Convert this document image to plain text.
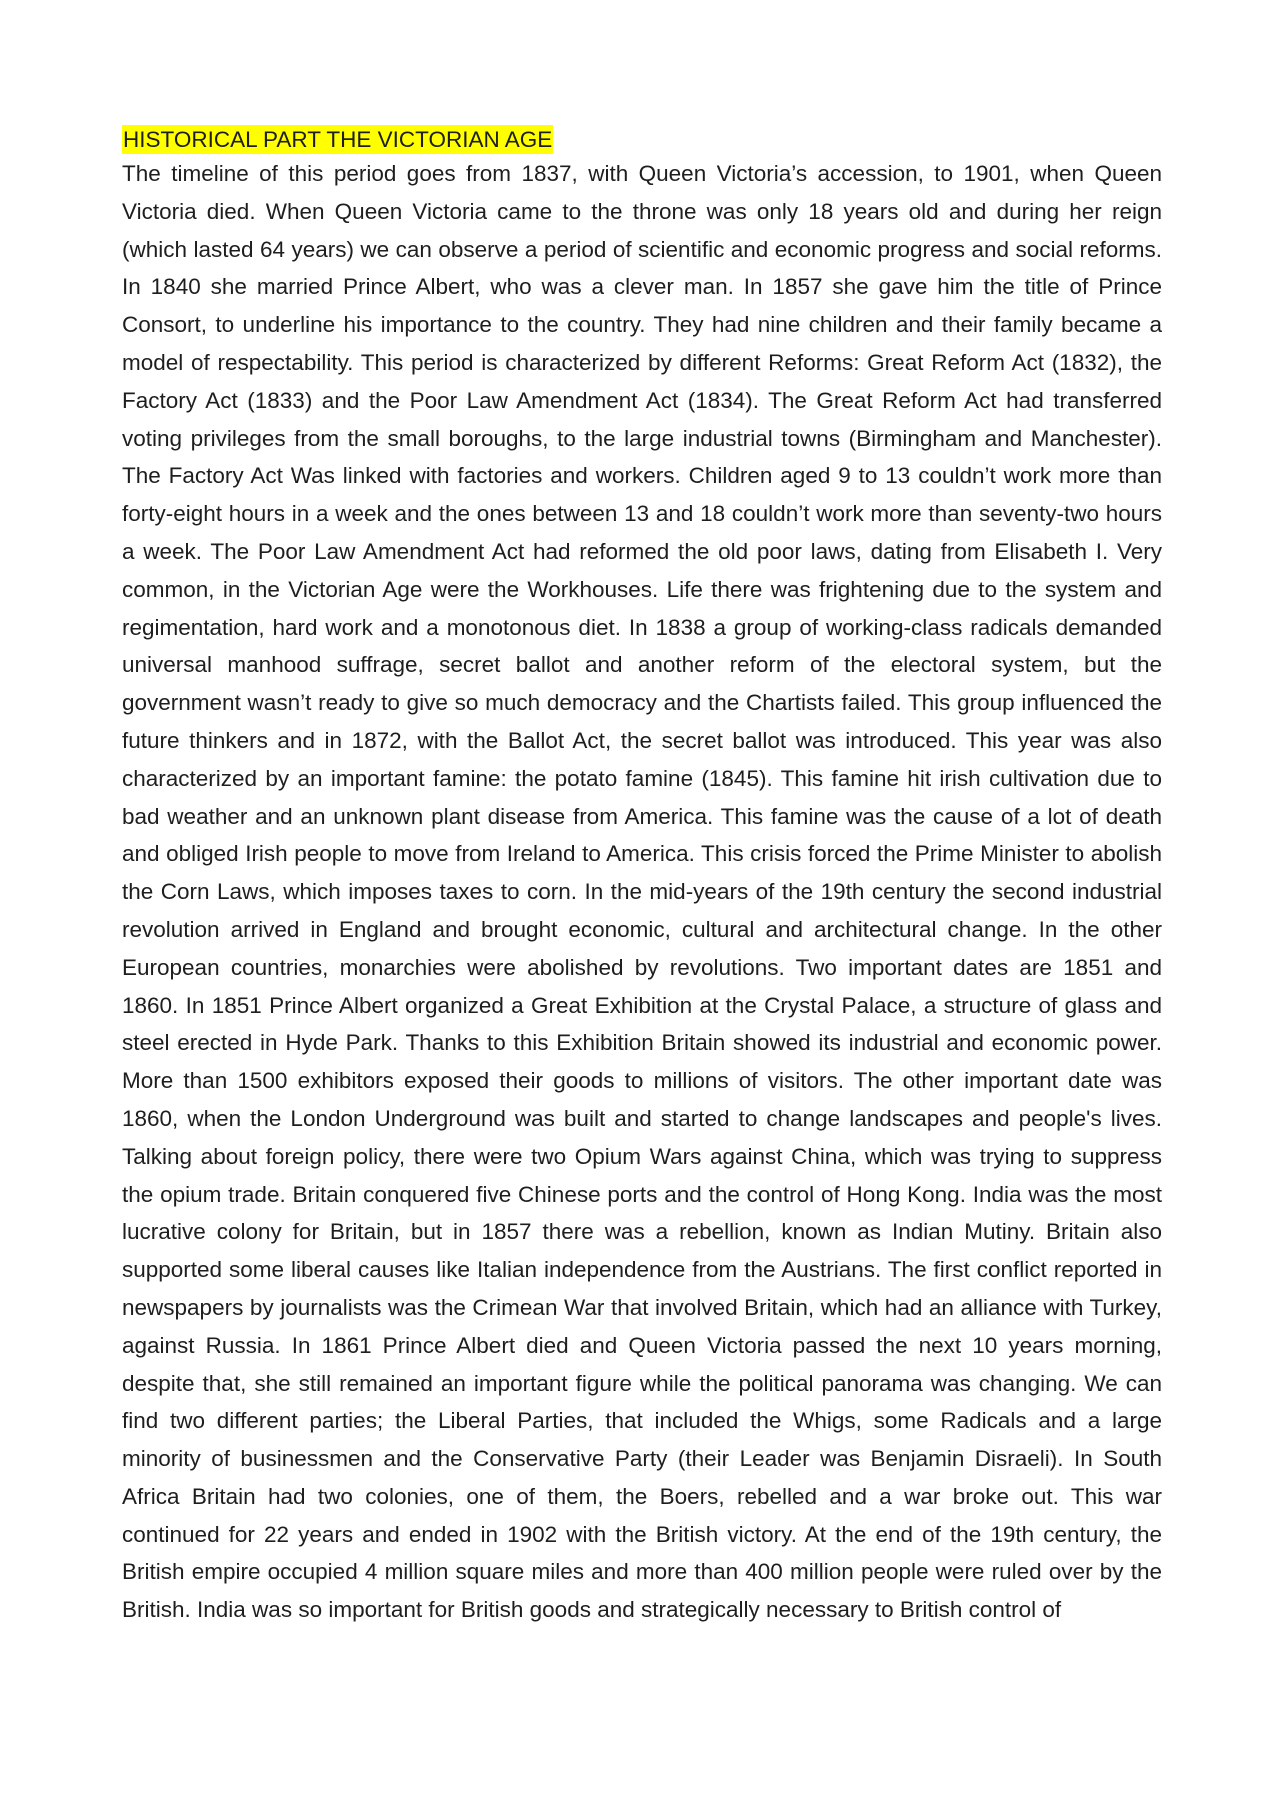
HISTORICAL PART THE VICTORIAN AGE

The timeline of this period goes from 1837, with Queen Victoria’s accession, to 1901, when Queen Victoria died. When Queen Victoria came to the throne was only 18 years old and during her reign (which lasted 64 years) we can observe a period of scientific and economic progress and social reforms. In 1840 she married Prince Albert, who was a clever man. In 1857 she gave him the title of Prince Consort, to underline his importance to the country. They had nine children and their family became a model of respectability. This period is characterized by different Reforms: Great Reform Act (1832), the Factory Act (1833) and the Poor Law Amendment Act (1834). The Great Reform Act had transferred voting privileges from the small boroughs, to the large industrial towns (Birmingham and Manchester). The Factory Act Was linked with factories and workers. Children aged 9 to 13 couldn’t work more than forty-eight hours in a week and the ones between 13 and 18 couldn’t work more than seventy-two hours a week. The Poor Law Amendment Act had reformed the old poor laws, dating from Elisabeth I. Very common, in the Victorian Age were the Workhouses. Life there was frightening due to the system and regimentation, hard work and a monotonous diet. In 1838 a group of working-class radicals demanded universal manhood suffrage, secret ballot and another reform of the electoral system, but the government wasn’t ready to give so much democracy and the Chartists failed. This group influenced the future thinkers and in 1872, with the Ballot Act, the secret ballot was introduced. This year was also characterized by an important famine: the potato famine (1845). This famine hit irish cultivation due to bad weather and an unknown plant disease from America. This famine was the cause of a lot of death and obliged Irish people to move from Ireland to America. This crisis forced the Prime Minister to abolish the Corn Laws, which imposes taxes to corn. In the mid-years of the 19th century the second industrial revolution arrived in England and brought economic, cultural and architectural change. In the other European countries, monarchies were abolished by revolutions. Two important dates are 1851 and 1860. In 1851 Prince Albert organized a Great Exhibition at the Crystal Palace, a structure of glass and steel erected in Hyde Park. Thanks to this Exhibition Britain showed its industrial and economic power. More than 1500 exhibitors exposed their goods to millions of visitors. The other important date was 1860, when the London Underground was built and started to change landscapes and people's lives. Talking about foreign policy, there were two Opium Wars against China, which was trying to suppress the opium trade. Britain conquered five Chinese ports and the control of Hong Kong. India was the most lucrative colony for Britain, but in 1857 there was a rebellion, known as Indian Mutiny. Britain also supported some liberal causes like Italian independence from the Austrians. The first conflict reported in newspapers by journalists was the Crimean War that involved Britain, which had an alliance with Turkey, against Russia. In 1861 Prince Albert died and Queen Victoria passed the next 10 years morning, despite that, she still remained an important figure while the political panorama was changing. We can find two different parties; the Liberal Parties, that included the Whigs, some Radicals and a large minority of businessmen and the Conservative Party (their Leader was Benjamin Disraeli). In South Africa Britain had two colonies, one of them, the Boers, rebelled and a war broke out. This war continued for 22 years and ended in 1902 with the British victory. At the end of the 19th century, the British empire occupied 4 million square miles and more than 400 million people were ruled over by the British. India was so important for British goods and strategically necessary to British control of
